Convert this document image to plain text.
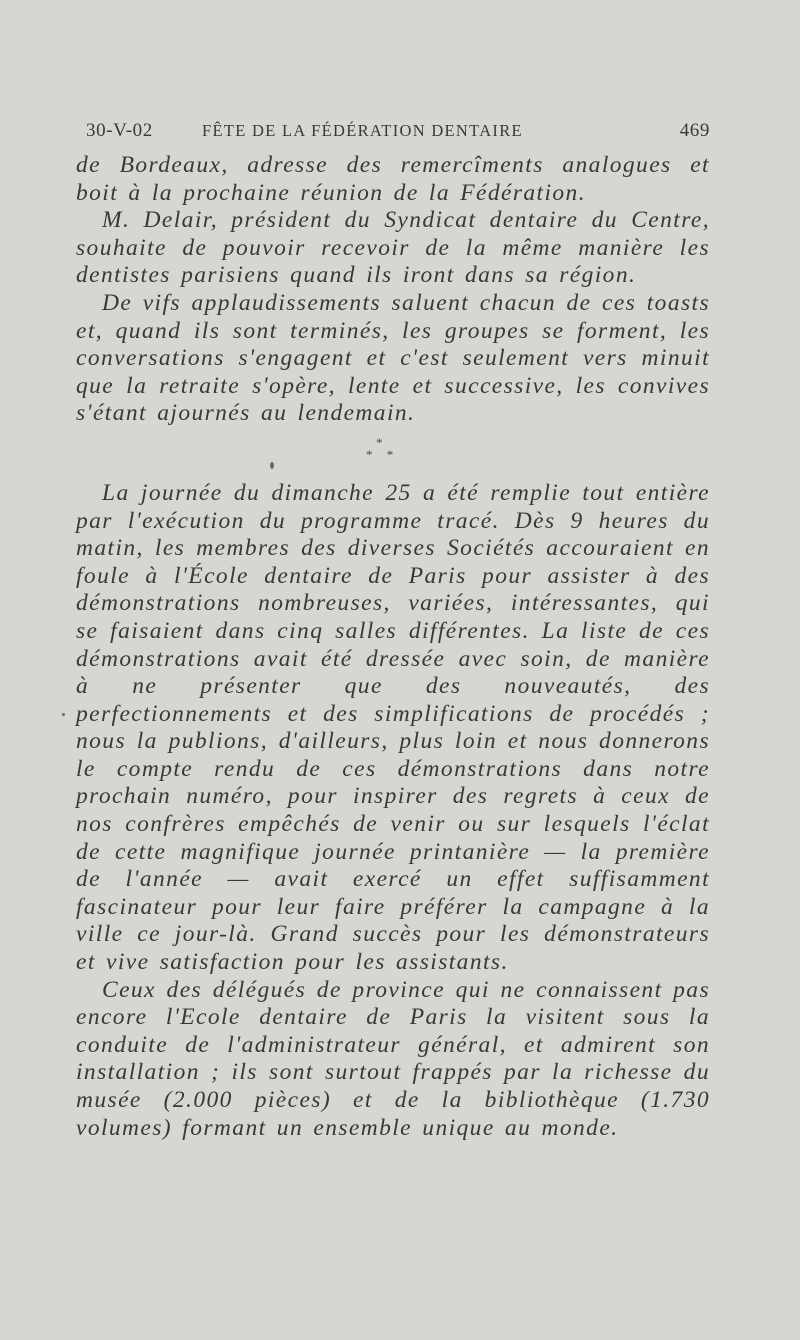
30-V-02	FÊTE DE LA FÉDÉRATION DENTAIRE	469

de Bordeaux, adresse des remercîments analogues et boit à la prochaine réunion de la Fédération.

M. Delair, président du Syndicat dentaire du Centre, souhaite de pouvoir recevoir de la même manière les dentistes parisiens quand ils iront dans sa région.

De vifs applaudissements saluent chacun de ces toasts et, quand ils sont terminés, les groupes se forment, les conversations s'engagent et c'est seulement vers minuit que la retraite s'opère, lente et successive, les convives s'étant ajournés au lendemain.

*
* *

La journée du dimanche 25 a été remplie tout entière par l'exécution du programme tracé. Dès 9 heures du matin, les membres des diverses Sociétés accouraient en foule à l'École dentaire de Paris pour assister à des démonstrations nombreuses, variées, intéressantes, qui se faisaient dans cinq salles différentes. La liste de ces démonstrations avait été dressée avec soin, de manière à ne présenter que des nouveautés, des perfectionnements et des simplifications de procédés ; nous la publions, d'ailleurs, plus loin et nous donnerons le compte rendu de ces démonstrations dans notre prochain numéro, pour inspirer des regrets à ceux de nos confrères empêchés de venir ou sur lesquels l'éclat de cette magnifique journée printanière — la première de l'année — avait exercé un effet suffisamment fascinateur pour leur faire préférer la campagne à la ville ce jour-là. Grand succès pour les démonstrateurs et vive satisfaction pour les assistants.

Ceux des délégués de province qui ne connaissent pas encore l'Ecole dentaire de Paris la visitent sous la conduite de l'administrateur général, et admirent son installation ; ils sont surtout frappés par la richesse du musée (2.000 pièces) et de la bibliothèque (1.730 volumes) formant un ensemble unique au monde.
